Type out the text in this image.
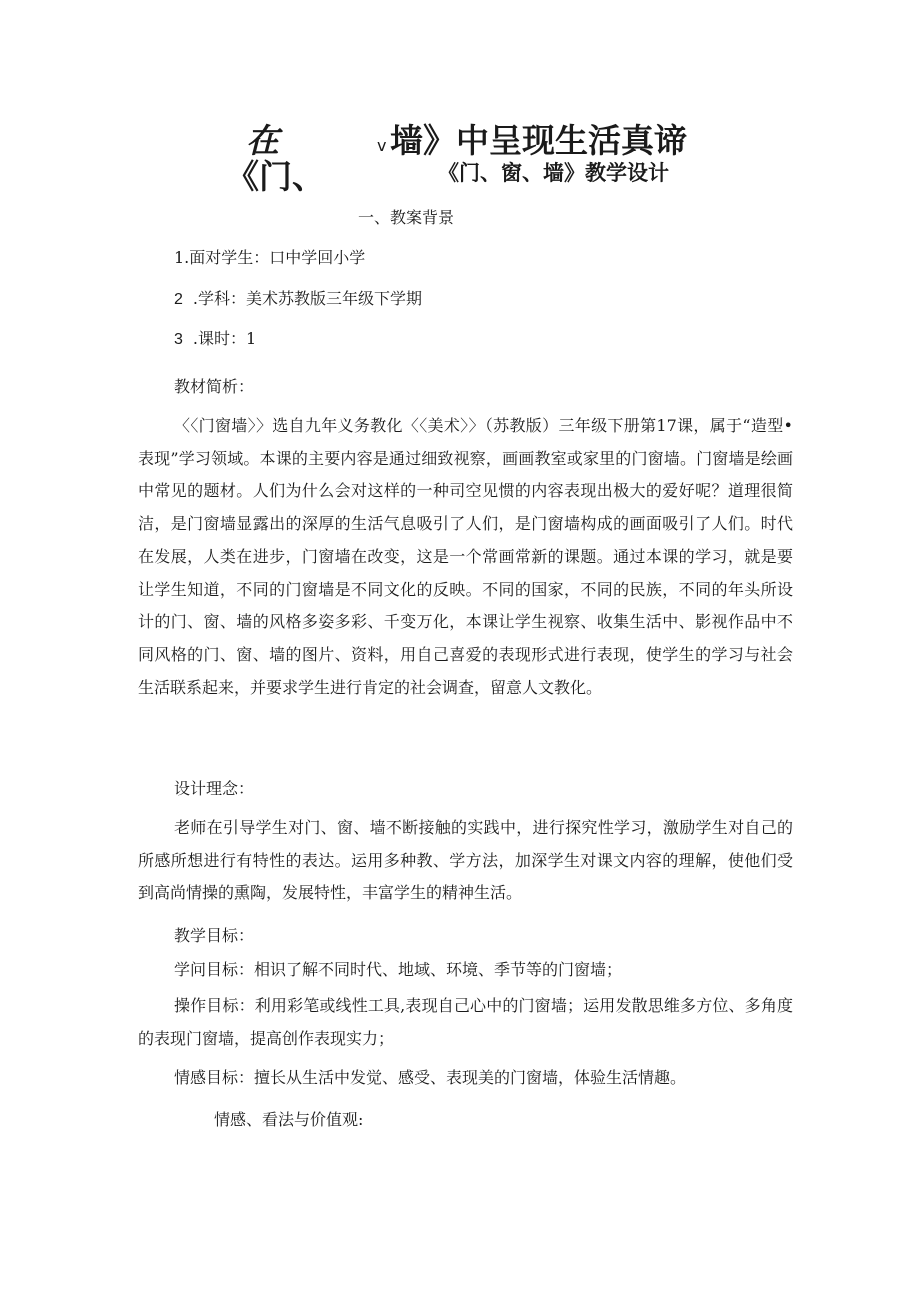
在
《门、
v 墙》中呈现生活真谛
《门、窗、墙》教学设计
一、教案背景
1.面对学生：口中学回小学
2 .学科：美术苏教版三年级下学期
3 .课时：1
教材简析：
〈〈门窗墙〉〉选自九年义务教化〈〈美术〉〉（苏教版）三年级下册第17课，属于“造型•表现”学习领域。本课的主要内容是通过细致视察，画画教室或家里的门窗墙。门窗墙是绘画中常见的题材。人们为什么会对这样的一种司空见惯的内容表现出极大的爱好呢？道理很简洁，是门窗墙显露出的深厚的生活气息吸引了人们，是门窗墙构成的画面吸引了人们。时代在发展，人类在进步，门窗墙在改变，这是一个常画常新的课题。通过本课的学习，就是要让学生知道，不同的门窗墙是不同文化的反映。不同的国家，不同的民族，不同的年头所设计的门、窗、墙的风格多姿多彩、千变万化，本课让学生视察、收集生活中、影视作品中不同风格的门、窗、墙的图片、资料，用自己喜爱的表现形式进行表现，使学生的学习与社会生活联系起来，并要求学生进行肯定的社会调查，留意人文教化。
设计理念：
老师在引导学生对门、窗、墙不断接触的实践中，进行探究性学习，激励学生对自己的所感所想进行有特性的表达。运用多种教、学方法，加深学生对课文内容的理解，使他们受到高尚情操的熏陶，发展特性，丰富学生的精神生活。
教学目标：
学问目标：相识了解不同时代、地域、环境、季节等的门窗墙；
操作目标：利用彩笔或线性工具,表现自己心中的门窗墙；运用发散思维多方位、多角度的表现门窗墙，提高创作表现实力；
情感目标：擅长从生活中发觉、感受、表现美的门窗墙，体验生活情趣。
情感、看法与价值观:
